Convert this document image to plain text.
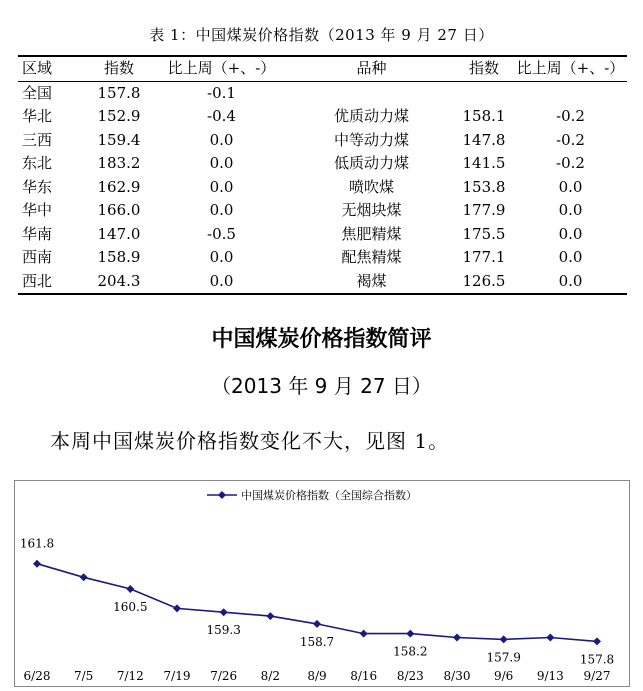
表 1：中国煤炭价格指数（2013 年 9 月 27 日）
区域	指数	比上周（+、-）	品种	指数	比上周（+、-）
全国	157.8	-0.1			
华北	152.9	-0.4	优质动力煤	158.1	-0.2
三西	159.4	0.0	中等动力煤	147.8	-0.2
东北	183.2	0.0	低质动力煤	141.5	-0.2
华东	162.9	0.0	喷吹煤	153.8	0.0
华中	166.0	0.0	无烟块煤	177.9	0.0
华南	147.0	-0.5	焦肥精煤	175.5	0.0
西南	158.9	0.0	配焦精煤	177.1	0.0
西北	204.3	0.0	褐煤	126.5	0.0
中国煤炭价格指数简评
（2013 年 9 月 27 日）
本周中国煤炭价格指数变化不大，见图 1。
中国煤炭价格指数（全国综合指数）
161.8
160.5
159.3
158.7
158.2	157.9	157.8
6/28 7/5 7/12 7/19 7/26 8/2 8/9 8/16 8/23 8/30 9/6 9/13 9/27
